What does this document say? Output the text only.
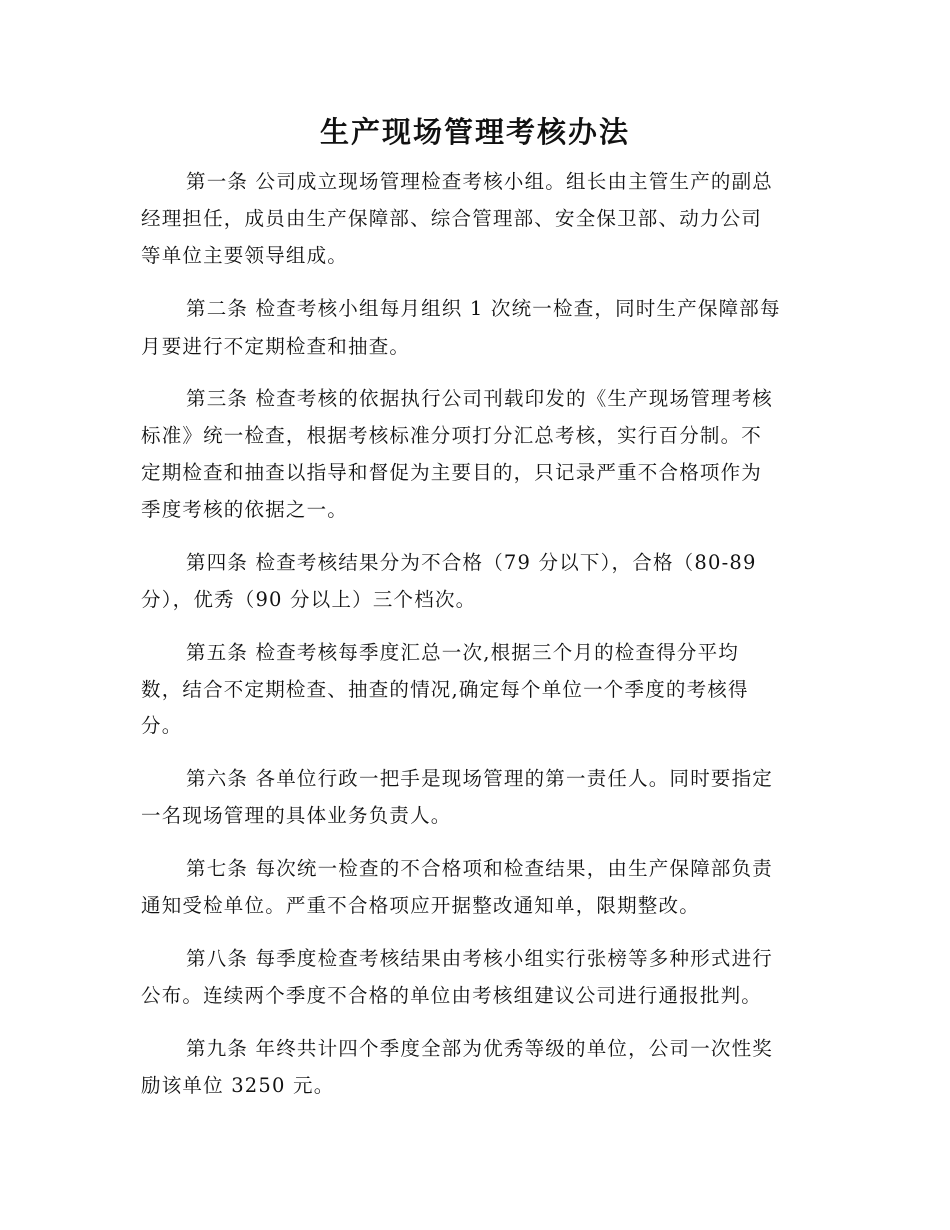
生产现场管理考核办法
第一条 公司成立现场管理检查考核小组。组长由主管生产的副总
经理担任，成员由生产保障部、综合管理部、安全保卫部、动力公司
等单位主要领导组成。
第二条 检查考核小组每月组织 1 次统一检查，同时生产保障部每
月要进行不定期检查和抽查。
第三条 检查考核的依据执行公司刊载印发的《生产现场管理考核
标准》统一检查，根据考核标准分项打分汇总考核，实行百分制。不
定期检查和抽查以指导和督促为主要目的，只记录严重不合格项作为
季度考核的依据之一。
第四条 检查考核结果分为不合格（79 分以下），合格（80-89
分），优秀（90 分以上）三个档次。
第五条 检查考核每季度汇总一次,根据三个月的检查得分平均
数，结合不定期检查、抽查的情况,确定每个单位一个季度的考核得
分。
第六条 各单位行政一把手是现场管理的第一责任人。同时要指定
一名现场管理的具体业务负责人。
第七条 每次统一检查的不合格项和检查结果，由生产保障部负责
通知受检单位。严重不合格项应开据整改通知单，限期整改。
第八条 每季度检查考核结果由考核小组实行张榜等多种形式进行
公布。连续两个季度不合格的单位由考核组建议公司进行通报批判。
第九条 年终共计四个季度全部为优秀等级的单位，公司一次性奖
励该单位 3250 元。
